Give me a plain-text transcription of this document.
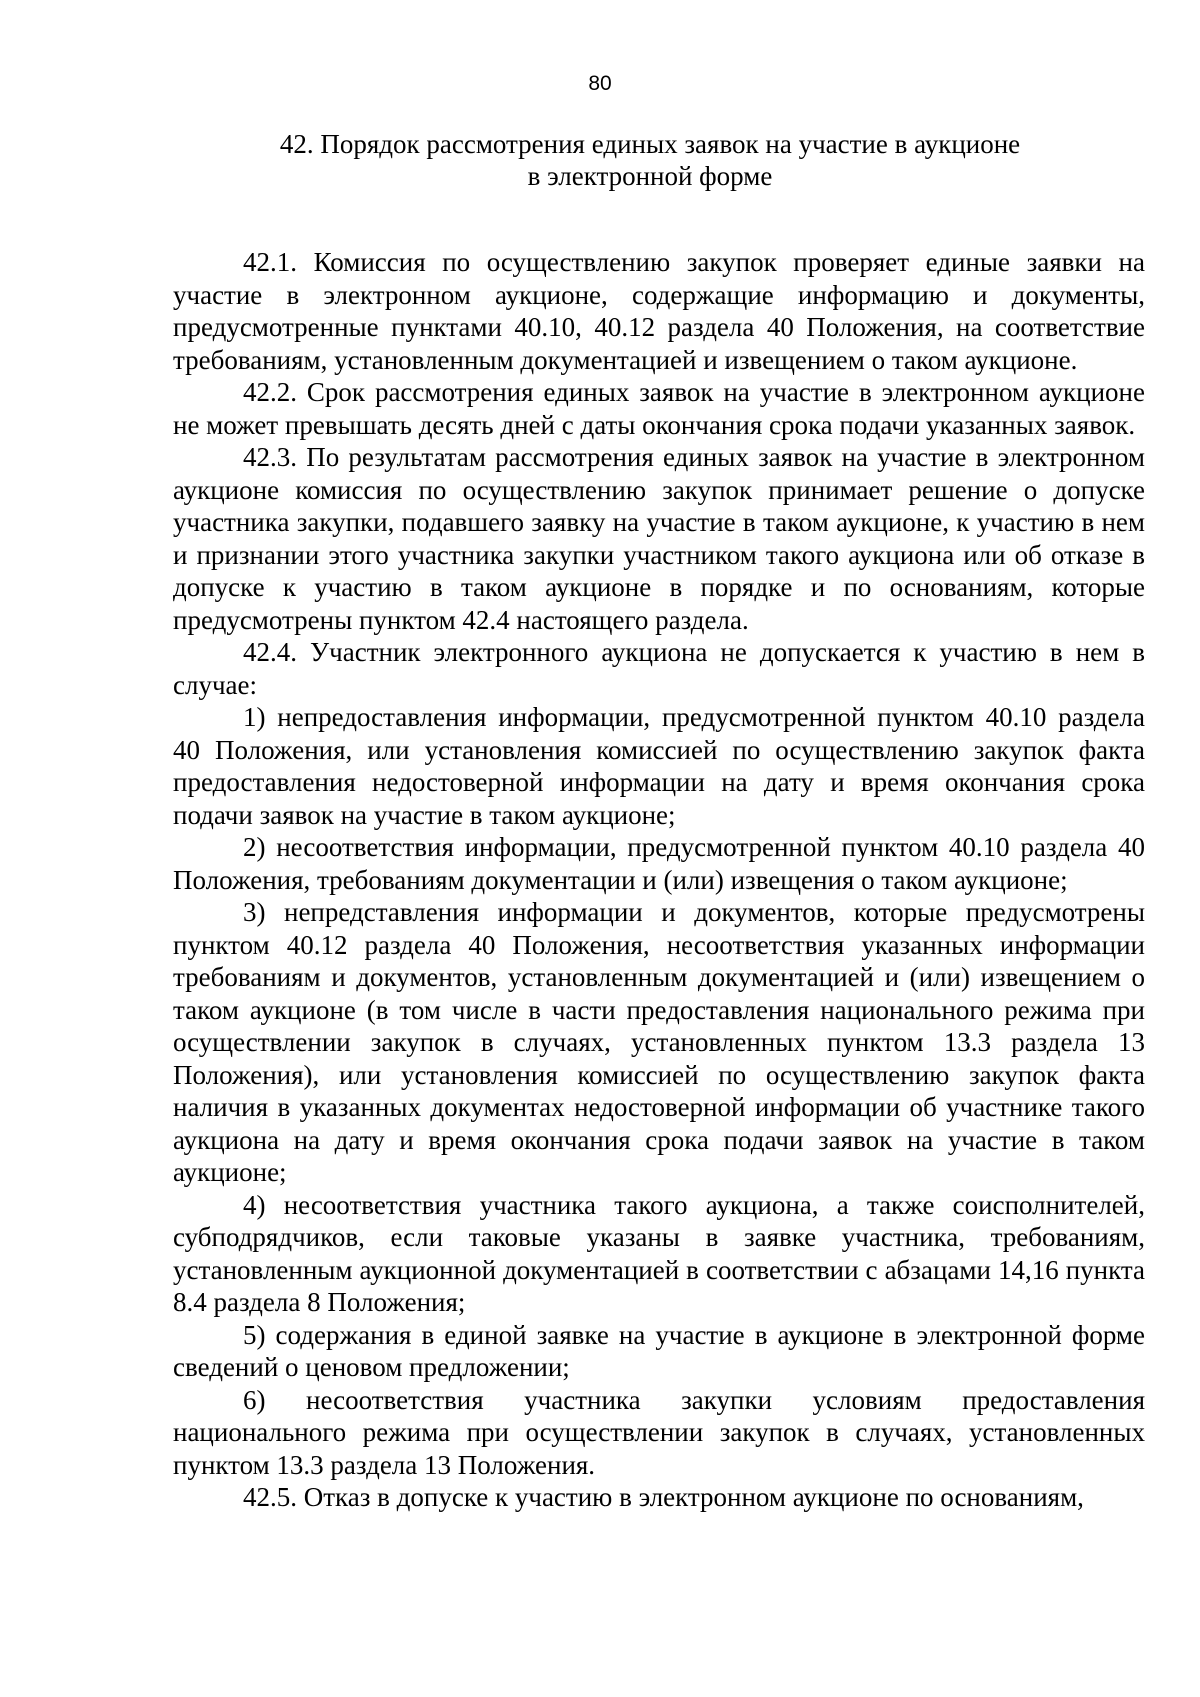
80
42. Порядок рассмотрения единых заявок на участие в аукционе
в электронной форме

42.1. Комиссия по осуществлению закупок проверяет единые заявки на участие в электронном аукционе, содержащие информацию и документы, предусмотренные пунктами 40.10, 40.12 раздела 40 Положения, на соответствие требованиям, установленным документацией и извещением о таком аукционе.

42.2. Срок рассмотрения единых заявок на участие в электронном аукционе не может превышать десять дней с даты окончания срока подачи указанных заявок.

42.3. По результатам рассмотрения единых заявок на участие в электронном аукционе комиссия по осуществлению закупок принимает решение о допуске участника закупки, подавшего заявку на участие в таком аукционе, к участию в нем и признании этого участника закупки участником такого аукциона или об отказе в допуске к участию в таком аукционе в порядке и по основаниям, которые предусмотрены пунктом 42.4 настоящего раздела.

42.4. Участник электронного аукциона не допускается к участию в нем в случае:

1) непредоставления информации, предусмотренной пунктом 40.10 раздела 40 Положения, или установления комиссией по осуществлению закупок факта предоставления недостоверной информации на дату и время окончания срока подачи заявок на участие в таком аукционе;

2) несоответствия информации, предусмотренной пунктом 40.10 раздела 40 Положения, требованиям документации и (или) извещения о таком аукционе;

3) непредставления информации и документов, которые предусмотрены пунктом 40.12 раздела 40 Положения, несоответствия указанных информации требованиям и документов, установленным документацией и (или) извещением о таком аукционе (в том числе в части предоставления национального режима при осуществлении закупок в случаях, установленных пунктом 13.3 раздела 13 Положения), или установления комиссией по осуществлению закупок факта наличия в указанных документах недостоверной информации об участнике такого аукциона на дату и время окончания срока подачи заявок на участие в таком аукционе;

4) несоответствия участника такого аукциона, а также соисполнителей, субподрядчиков, если таковые указаны в заявке участника, требованиям, установленным аукционной документацией в соответствии с абзацами 14,16 пункта 8.4 раздела 8 Положения;

5) содержания в единой заявке на участие в аукционе в электронной форме сведений о ценовом предложении;

6) несоответствия участника закупки условиям предоставления национального режима при осуществлении закупок в случаях, установленных пунктом 13.3 раздела 13 Положения.

42.5. Отказ в допуске к участию в электронном аукционе по основаниям,
